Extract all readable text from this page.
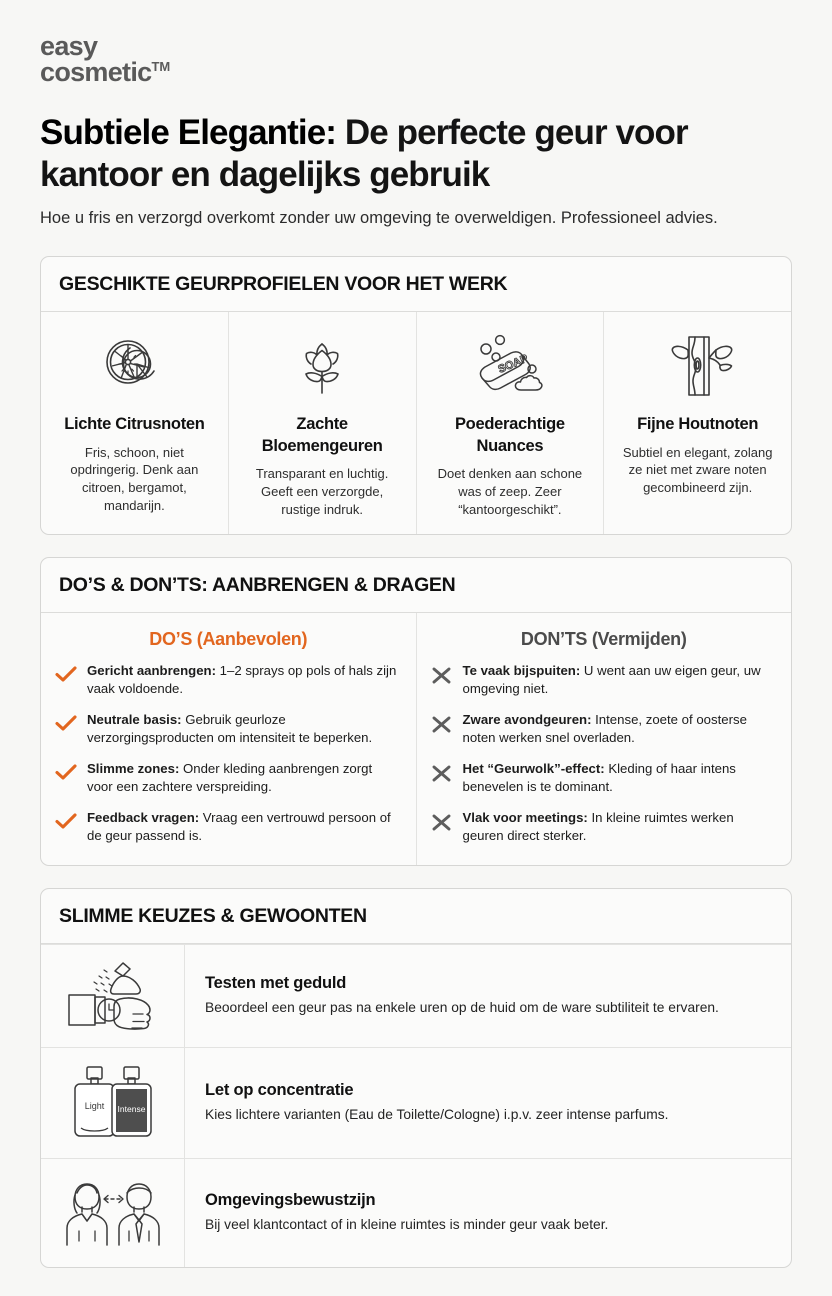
easy
cosmetic™
Subtiele Elegantie: De perfecte geur voor kantoor en dagelijks gebruik

Hoe u fris en verzorgd overkomt zonder uw omgeving te overweldigen. Professioneel advies.

GESCHIKTE GEURPROFIELEN VOOR HET WERK
Lichte Citrusnoten

Fris, schoon, niet opdringerig. Denk aan citroen, bergamot, mandarijn.

Zachte Bloemengeuren

Transparant en luchtig. Geeft een verzorgde, rustige indruk.

SOAP
Poederachtige Nuances

Doet denken aan schone was of zeep. Zeer “kantoorgeschikt”.

Fijne Houtnoten

Subtiel en elegant, zolang ze niet met zware noten gecombineerd zijn.

DO’S & DON’TS: AANBRENGEN & DRAGEN
DO’S (Aanbevolen)
Gericht aanbrengen: 1–2 sprays op pols of hals zijn vaak voldoende.
Neutrale basis: Gebruik geurloze verzorgingsproducten om intensiteit te beperken.
Slimme zones: Onder kleding aanbrengen zorgt voor een zachtere verspreiding.
Feedback vragen: Vraag een vertrouwd persoon of de geur passend is.
DON’TS (Vermijden)
Te vaak bijspuiten: U went aan uw eigen geur, uw omgeving niet.
Zware avondgeuren: Intense, zoete of oosterse noten werken snel overladen.
Het “Geurwolk”-effect: Kleding of haar intens benevelen is te dominant.
Vlak voor meetings: In kleine ruimtes werken geuren direct sterker.
SLIMME KEUZES & GEWOONTEN
Testen met geduld

Beoordeel een geur pas na enkele uren op de huid om de ware subtiliteit te ervaren.

Light Intense
Let op concentratie

Kies lichtere varianten (Eau de Toilette/Cologne) i.p.v. zeer intense parfums.

Omgevingsbewustzijn

Bij veel klantcontact of in kleine ruimtes is minder geur vaak beter.
